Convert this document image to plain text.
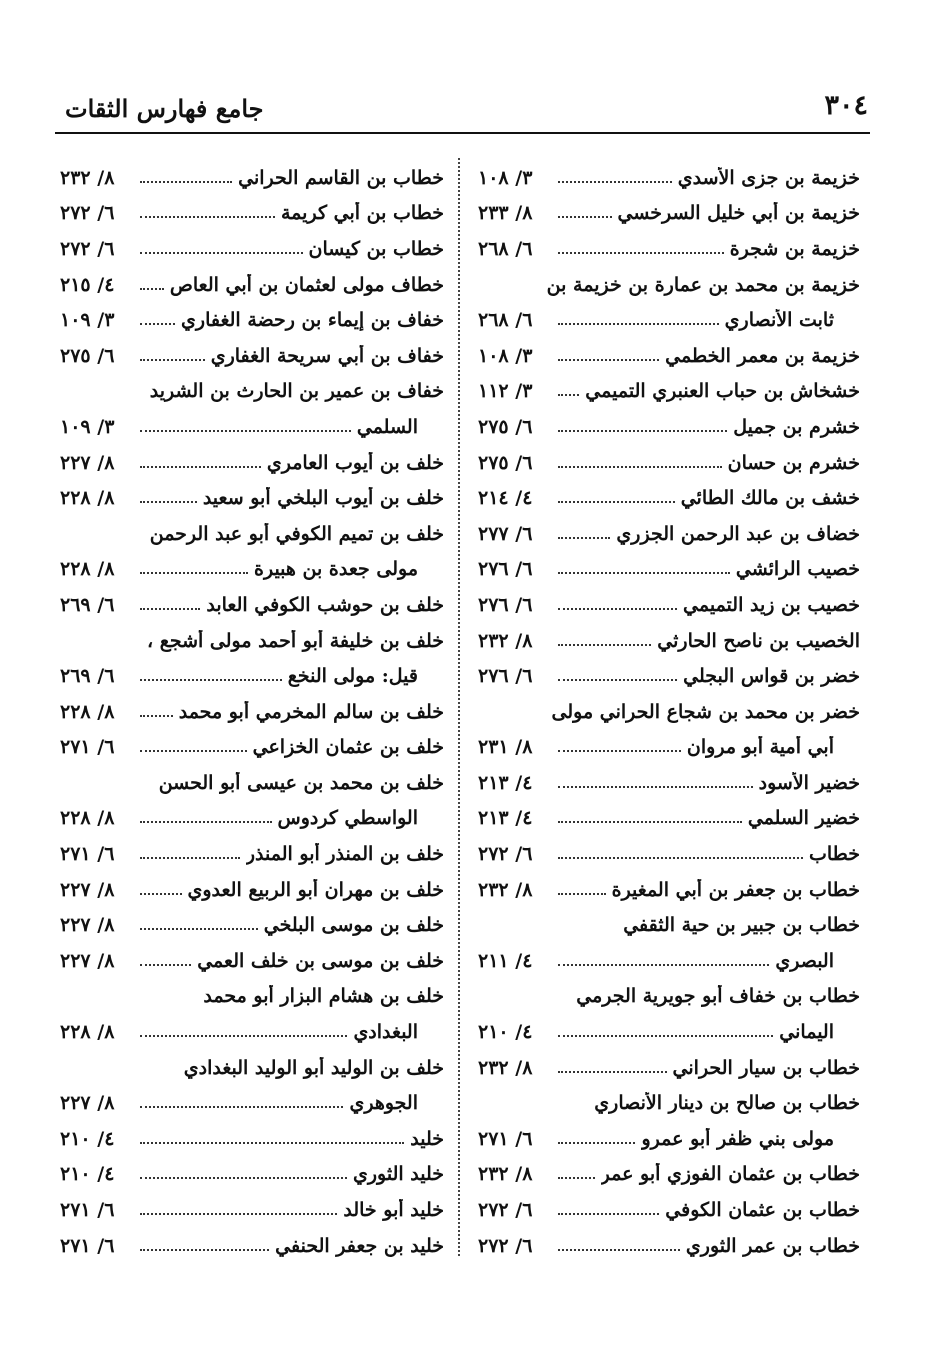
٣٠٤
جامع فهارس الثقات
خزيمة بن جزى الأسدي
٣/ ١٠٨
خزيمة بن أبي خليل السرخسي
٨/ ٢٣٣
خزيمة بن شجرة
٦/ ٢٦٨
خزيمة بن محمد بن عمارة بن خزيمة بن
ثابت الأنصاري
٦/ ٢٦٨
خزيمة بن معمر الخطمي
٣/ ١٠٨
خشخاش بن حباب العنبري التميمي
٣/ ١١٢
خشرم بن جميل
٦/ ٢٧٥
خشرم بن حسان
٦/ ٢٧٥
خشف بن مالك الطائي
٤/ ٢١٤
خضاف بن عبد الرحمن الجزري
٦/ ٢٧٧
خصيب الرائشي
٦/ ٢٧٦
خصيب بن زيد التميمي
٦/ ٢٧٦
الخصيب بن ناصح الحارثي
٨/ ٢٣٢
خضر بن قواس البجلي
٦/ ٢٧٦
خضر بن محمد بن شجاع الحراني مولى
أبي أمية أبو مروان
٨/ ٢٣١
خضير الأسود
٤/ ٢١٣
خضير السلمي
٤/ ٢١٣
خطاب
٦/ ٢٧٢
خطاب بن جعفر بن أبي المغيرة
٨/ ٢٣٢
خطاب بن جبير بن حية الثقفي
البصري
٤/ ٢١١
خطاب بن خفاف أبو جويرية الجرمي
اليماني
٤/ ٢١٠
خطاب بن سيار الحراني
٨/ ٢٣٢
خطاب بن صالح بن دينار الأنصاري
مولى بني ظفر أبو عمرو
٦/ ٢٧١
خطاب بن عثمان الفوزي أبو عمر
٨/ ٢٣٢
خطاب بن عثمان الكوفي
٦/ ٢٧٢
خطاب بن عمر الثوري
٦/ ٢٧٢
خطاب بن القاسم الحراني
٨/ ٢٣٢
خطاب بن أبي كريمة
٦/ ٢٧٢
خطاب بن كيسان
٦/ ٢٧٢
خطاف مولى لعثمان بن أبي العاص
٤/ ٢١٥
خفاف بن إيماء بن رحضة الغفاري
٣/ ١٠٩
خفاف بن أبي سريحة الغفاري
٦/ ٢٧٥
خفاف بن عمير بن الحارث بن الشريد
السلمي
٣/ ١٠٩
خلف بن أيوب العامري
٨/ ٢٢٧
خلف بن أيوب البلخي أبو سعيد
٨/ ٢٢٨
خلف بن تميم الكوفي أبو عبد الرحمن
مولى جعدة بن هبيرة
٨/ ٢٢٨
خلف بن حوشب الكوفي العابد
٦/ ٢٦٩
خلف بن خليفة أبو أحمد مولى أشجع ،
قيل: مولى النخع
٦/ ٢٦٩
خلف بن سالم المخرمي أبو محمد
٨/ ٢٢٨
خلف بن عثمان الخزاعي
٦/ ٢٧١
خلف بن محمد بن عيسى أبو الحسن
الواسطي كردوس
٨/ ٢٢٨
خلف بن المنذر أبو المنذر
٦/ ٢٧١
خلف بن مهران أبو الربيع العدوي
٨/ ٢٢٧
خلف بن موسى البلخي
٨/ ٢٢٧
خلف بن موسى بن خلف العمي
٨/ ٢٢٧
خلف بن هشام البزار أبو محمد
البغدادي
٨/ ٢٢٨
خلف بن الوليد أبو الوليد البغدادي
الجوهري
٨/ ٢٢٧
خليد
٤/ ٢١٠
خليد الثوري
٤/ ٢١٠
خليد أبو خالد
٦/ ٢٧١
خليد بن جعفر الحنفي
٦/ ٢٧١
